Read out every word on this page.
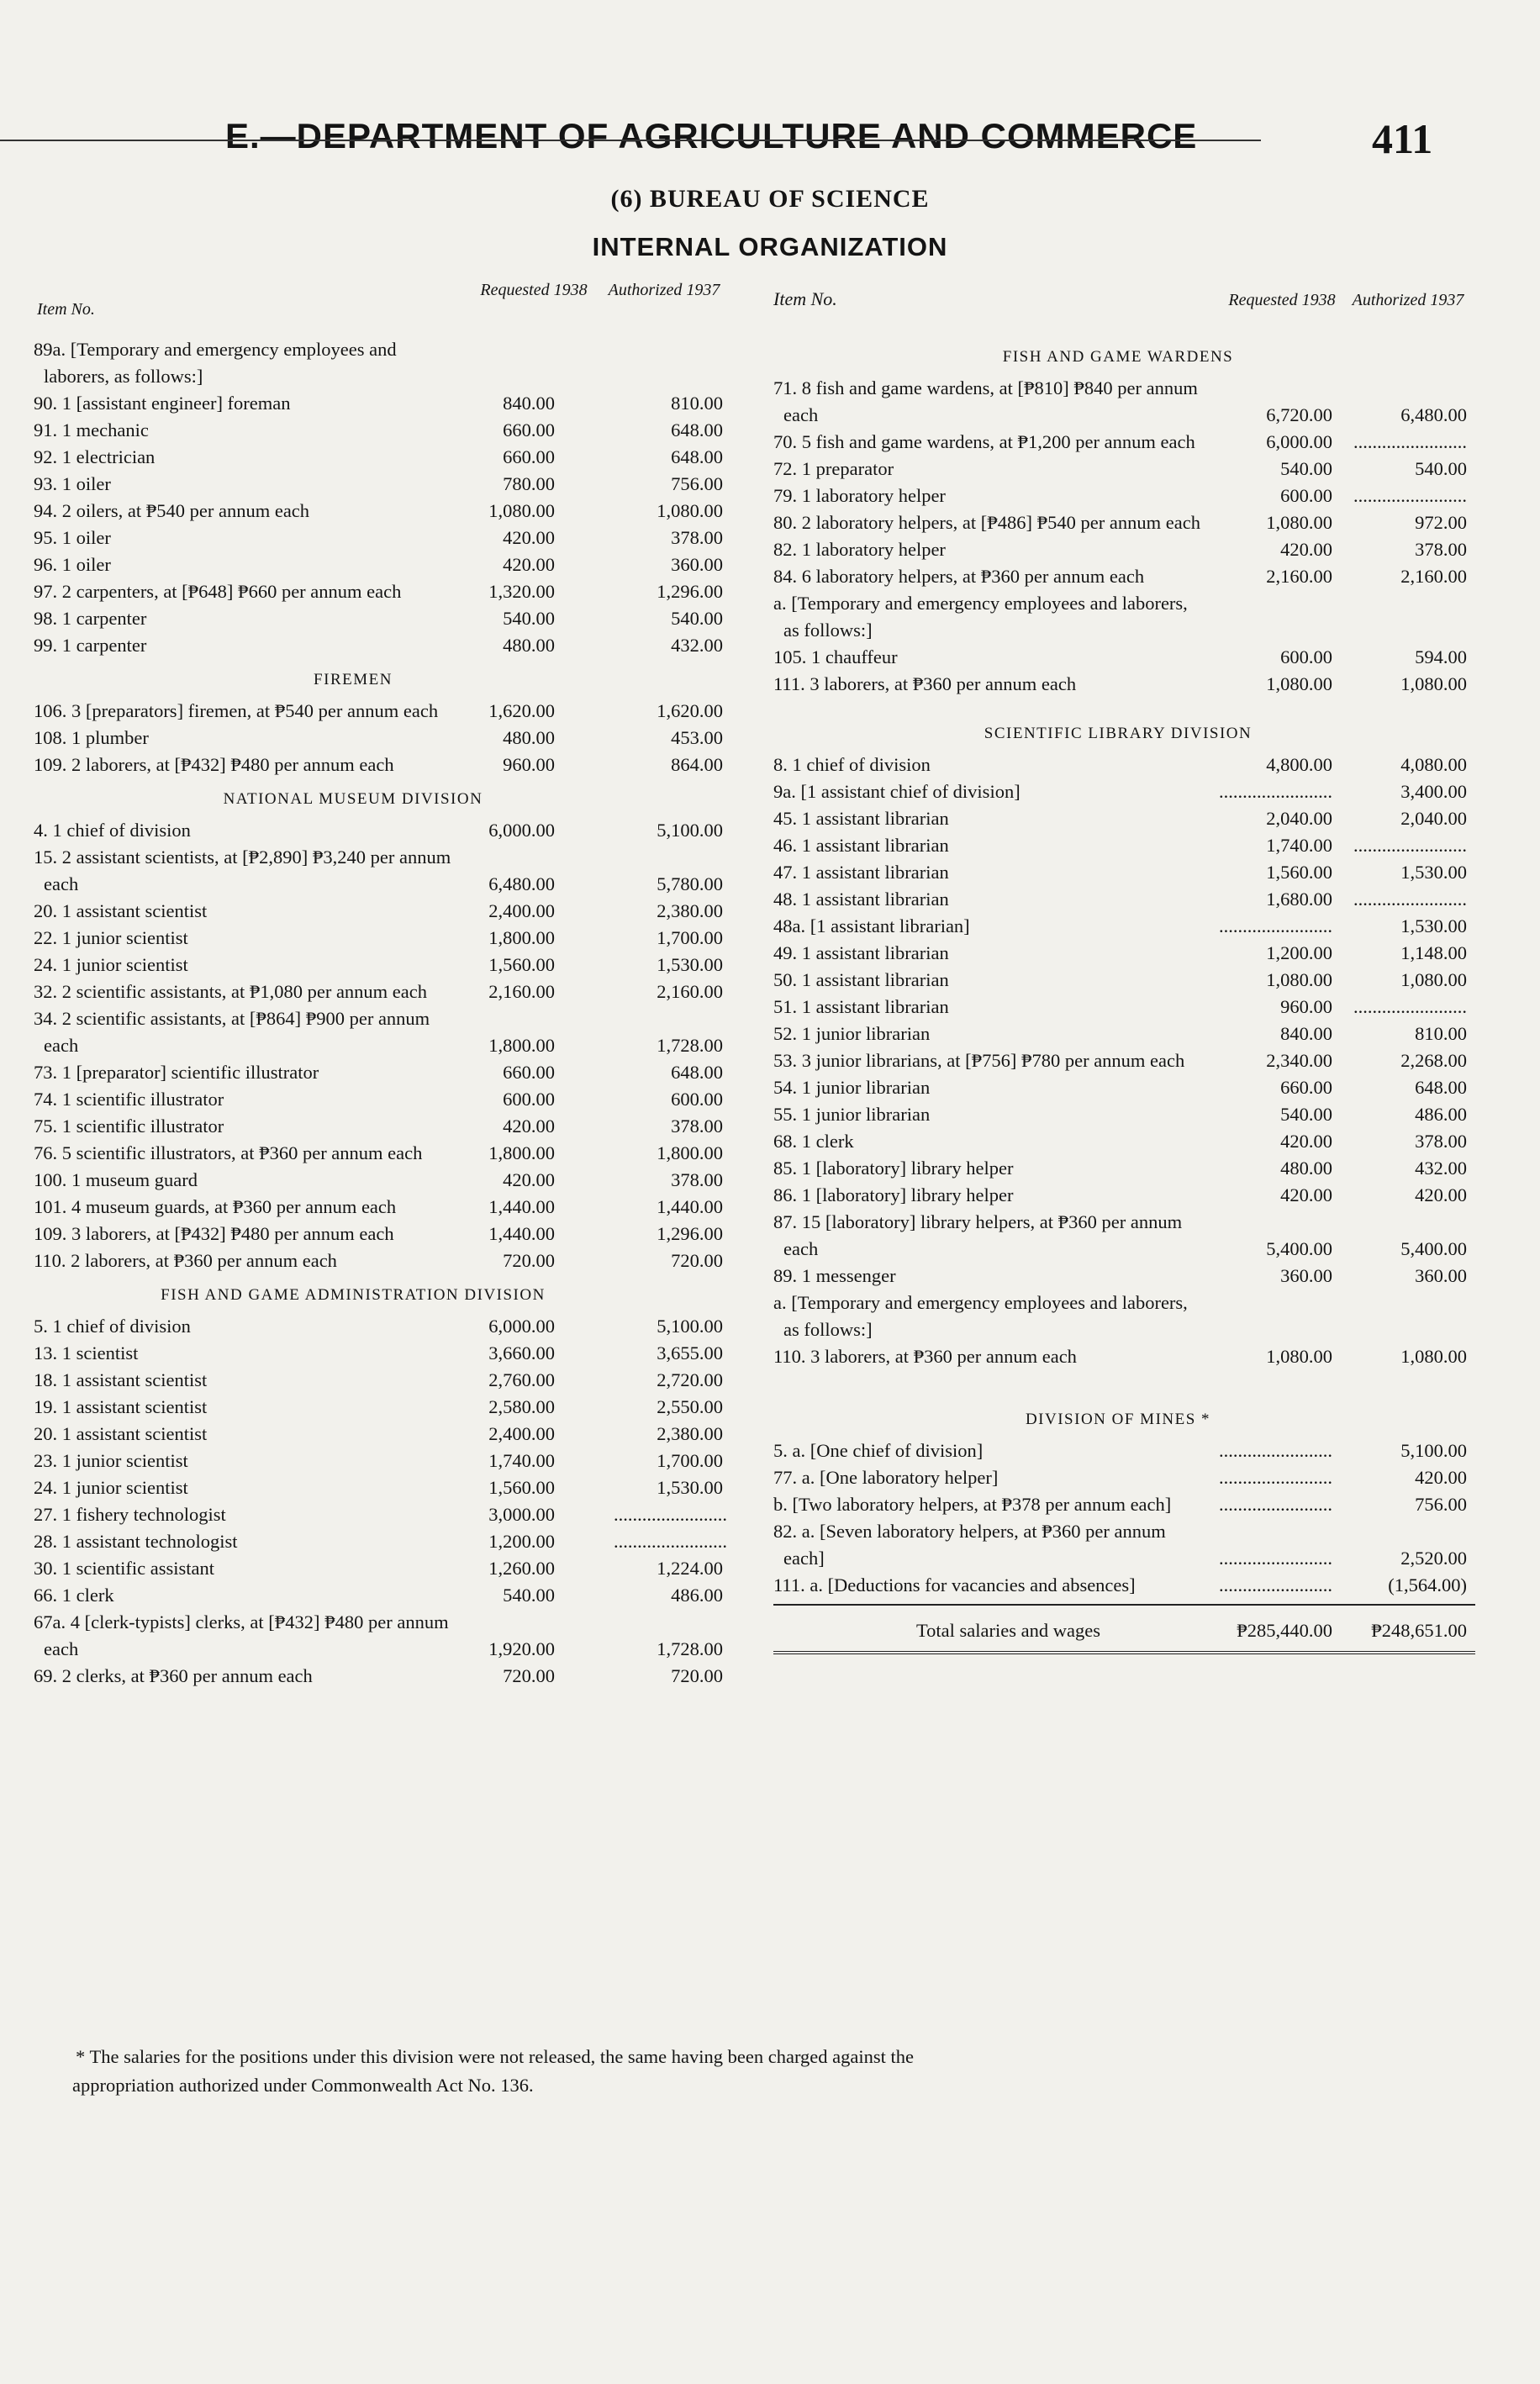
E.—DEPARTMENT OF AGRICULTURE AND COMMERCE	411
(6) BUREAU OF SCIENCE
INTERNAL ORGANIZATION
Item No.
Requested 1938	Authorized 1937
89a. [Temporary and emergency employees and laborers, as follows:]
90. 1 [assistant engineer] foreman	840.00	810.00
91. 1 mechanic	660.00	648.00
92. 1 electrician	660.00	648.00
93. 1 oiler	780.00	756.00
94. 2 oilers, at ₱540 per annum each	1,080.00	1,080.00
95. 1 oiler	420.00	378.00
96. 1 oiler	420.00	360.00
97. 2 carpenters, at [₱648] ₱660 per annum each	1,320.00	1,296.00
98. 1 carpenter	540.00	540.00
99. 1 carpenter	480.00	432.00
FIREMEN
106. 3 [preparators] firemen, at ₱540 per annum each	1,620.00	1,620.00
108. 1 plumber	480.00	453.00
109. 2 laborers, at [₱432] ₱480 per annum each	960.00	864.00
NATIONAL MUSEUM DIVISION
4. 1 chief of division	6,000.00	5,100.00
15. 2 assistant scientists, at [₱2,890] ₱3,240 per annum each	6,480.00	5,780.00
20. 1 assistant scientist	2,400.00	2,380.00
22. 1 junior scientist	1,800.00	1,700.00
24. 1 junior scientist	1,560.00	1,530.00
32. 2 scientific assistants, at ₱1,080 per annum each	2,160.00	2,160.00
34. 2 scientific assistants, at [₱864] ₱900 per annum each	1,800.00	1,728.00
73. 1 [preparator] scientific illustrator	660.00	648.00
74. 1 scientific illustrator	600.00	600.00
75. 1 scientific illustrator	420.00	378.00
76. 5 scientific illustrators, at ₱360 per annum each	1,800.00	1,800.00
100. 1 museum guard	420.00	378.00
101. 4 museum guards, at ₱360 per annum each	1,440.00	1,440.00
109. 3 laborers, at [₱432] ₱480 per annum each	1,440.00	1,296.00
110. 2 laborers, at ₱360 per annum each	720.00	720.00
FISH AND GAME ADMINISTRATION DIVISION
5. 1 chief of division	6,000.00	5,100.00
13. 1 scientist	3,660.00	3,655.00
18. 1 assistant scientist	2,760.00	2,720.00
19. 1 assistant scientist	2,580.00	2,550.00
20. 1 assistant scientist	2,400.00	2,380.00
23. 1 junior scientist	1,740.00	1,700.00
24. 1 junior scientist	1,560.00	1,530.00
27. 1 fishery technologist	3,000.00	........................
28. 1 assistant technologist	1,200.00	........................
30. 1 scientific assistant	1,260.00	1,224.00
66. 1 clerk	540.00	486.00
67a. 4 [clerk-typists] clerks, at [₱432] ₱480 per annum each	1,920.00	1,728.00
69. 2 clerks, at ₱360 per annum each	720.00	720.00
Item No.	Requested 1938	Authorized 1937
FISH AND GAME WARDENS
71. 8 fish and game wardens, at [₱810] ₱840 per annum each	6,720.00	6,480.00
70. 5 fish and game wardens, at ₱1,200 per annum each	6,000.00 ........................
72. 1 preparator	540.00	540.00
79. 1 laboratory helper	600.00 ........................
80. 2 laboratory helpers, at [₱486] ₱540 per annum each	1,080.00	972.00
82. 1 laboratory helper	420.00	378.00
84. 6 laboratory helpers, at ₱360 per annum each	2,160.00	2,160.00
a. [Temporary and emergency employees and laborers, as follows:]
105. 1 chauffeur	600.00	594.00
111. 3 laborers, at ₱360 per annum each	1,080.00	1,080.00
SCIENTIFIC LIBRARY DIVISION
8. 1 chief of division	4,800.00	4,080.00
9a. [1 assistant chief of division]	........................	3,400.00
45. 1 assistant librarian	2,040.00	2,040.00
46. 1 assistant librarian	1,740.00 ........................
47. 1 assistant librarian	1,560.00	1,530.00
48. 1 assistant librarian	1,680.00 ........................
48a. [1 assistant librarian]	........................	1,530.00
49. 1 assistant librarian	1,200.00	1,148.00
50. 1 assistant librarian	1,080.00	1,080.00
51. 1 assistant librarian	960.00 ........................
52. 1 junior librarian	840.00	810.00
53. 3 junior librarians, at [₱756] ₱780 per annum each	2,340.00	2,268.00
54. 1 junior librarian	660.00	648.00
55. 1 junior librarian	540.00	486.00
68. 1 clerk	420.00	378.00
85. 1 [laboratory] library helper	480.00	432.00
86. 1 [laboratory] library helper	420.00	420.00
87. 15 [laboratory] library helpers, at ₱360 per annum each	5,400.00	5,400.00
89. 1 messenger	360.00	360.00
a. [Temporary and emergency employees and laborers, as follows:]
110. 3 laborers, at ₱360 per annum each	1,080.00	1,080.00
DIVISION OF MINES *
5. a. [One chief of division]	........................	5,100.00
77. a. [One laboratory helper]	........................	420.00
b. [Two laboratory helpers, at ₱378 per annum each]	........................	756.00
82. a. [Seven laboratory helpers, at ₱360 per annum each]	........................	2,520.00
111. a. [Deductions for vacancies and absences]	........................	(1,564.00)
Total salaries and wages	₱285,440.00	₱248,651.00
* The salaries for the positions under this division were not released, the same having been charged against the
appropriation authorized under Commonwealth Act No. 136.
